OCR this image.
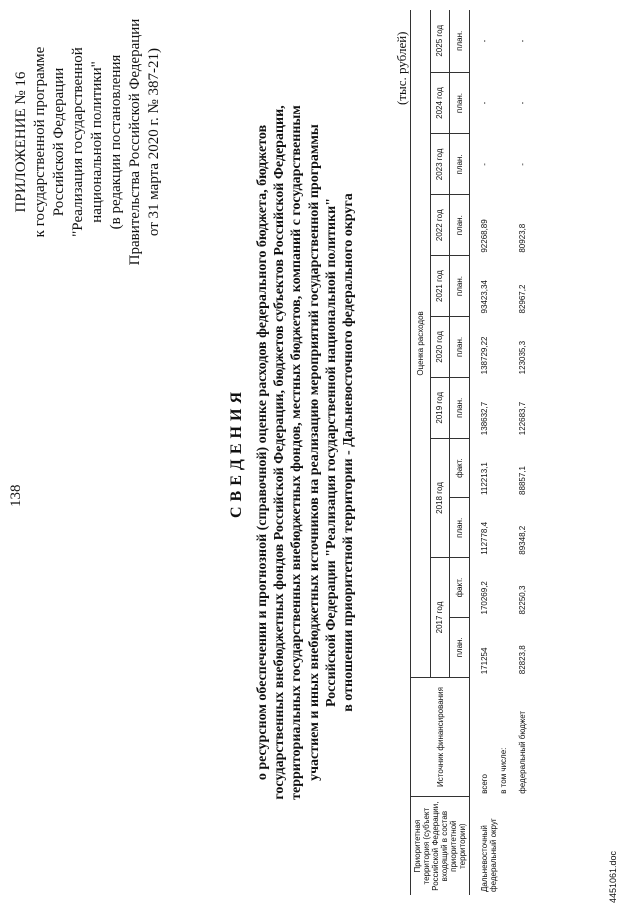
138
ПРИЛОЖЕНИЕ № 16 к государственной программе Российской Федерации "Реализация государственной национальной политики" (в редакции постановления Правительства Российской Федерации от 31 марта 2020 г. № 387-21)
СВЕДЕНИЯ о ресурсном обеспечении и прогнозной (справочной) оценке расходов федерального бюджета, бюджетов государственных внебюджетных фондов Российской Федерации, бюджетов субъектов Российской Федерации, территориальных государственных внебюджетных фондов, местных бюджетов, компаний с государственным участием и иных внебюджетных источников на реализацию мероприятий государственной программы Российской Федерации "Реализация государственной национальной политики" в отношении приоритетной территории - Дальневосточного федерального округа
(тыс. рублей)
Приоритетная территория (субъект Российской Федерации, входящий в состав приоритетной территории)	Источник финансирования	Оценка расходов										
		2017 год		2018 год		2019 год	2020 год	2021 год	2022 год	2023 год	2024 год	2025 год
		план.	факт.	план.	факт.	план.	план.	план.	план.	план.	план.	план.
Дальневосточный федеральный округ	всего	171254	170269,2	112778,4	112213,1	138632,7	138729,22	93423,34	92268,89	-	-	-
	в том числе:											
	федеральный бюджет	82823,8	82250,3	89348,2	88857,1	122683,7	123035,3	82967,2	80923,8	-	-	-
4451061.doc
